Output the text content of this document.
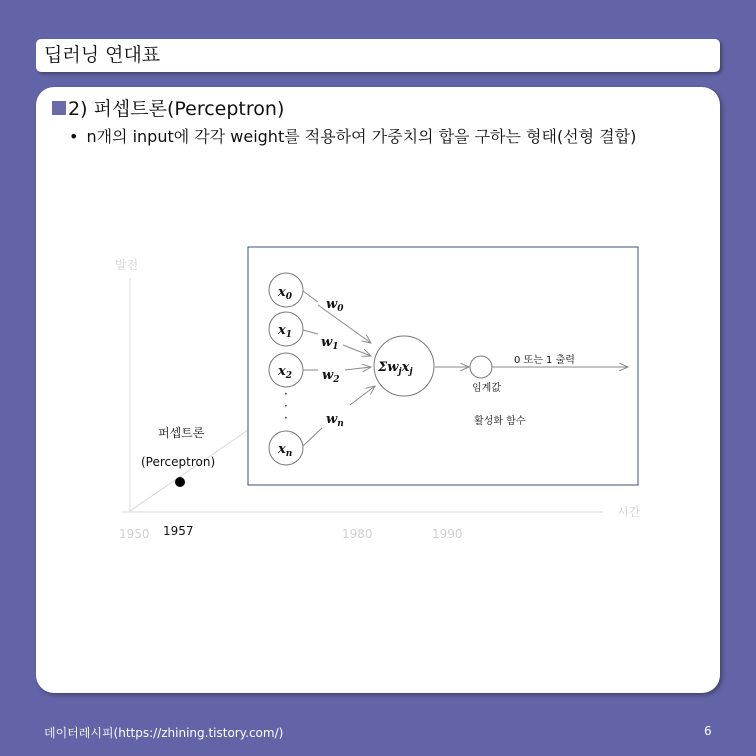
딥러닝 연대표
2) 퍼셉트론(Perceptron)
• n개의 input에 각각 weight를 적용하여 가중치의 합을 구하는 형태(선형 결합)
발전
시간
1950	1980	1990
1957
퍼셉트론
(Perceptron)
$x_0$
$x_1$
$x_2$
$x_n$
·
·
·
$w_0$
$w_1$
$w_2$
$w_n$
$\Sigma w_jx_j$
0 또는 1 출력
임계값
활성화 함수
데이터레시피(https://zhining.tistory.com/)	6
